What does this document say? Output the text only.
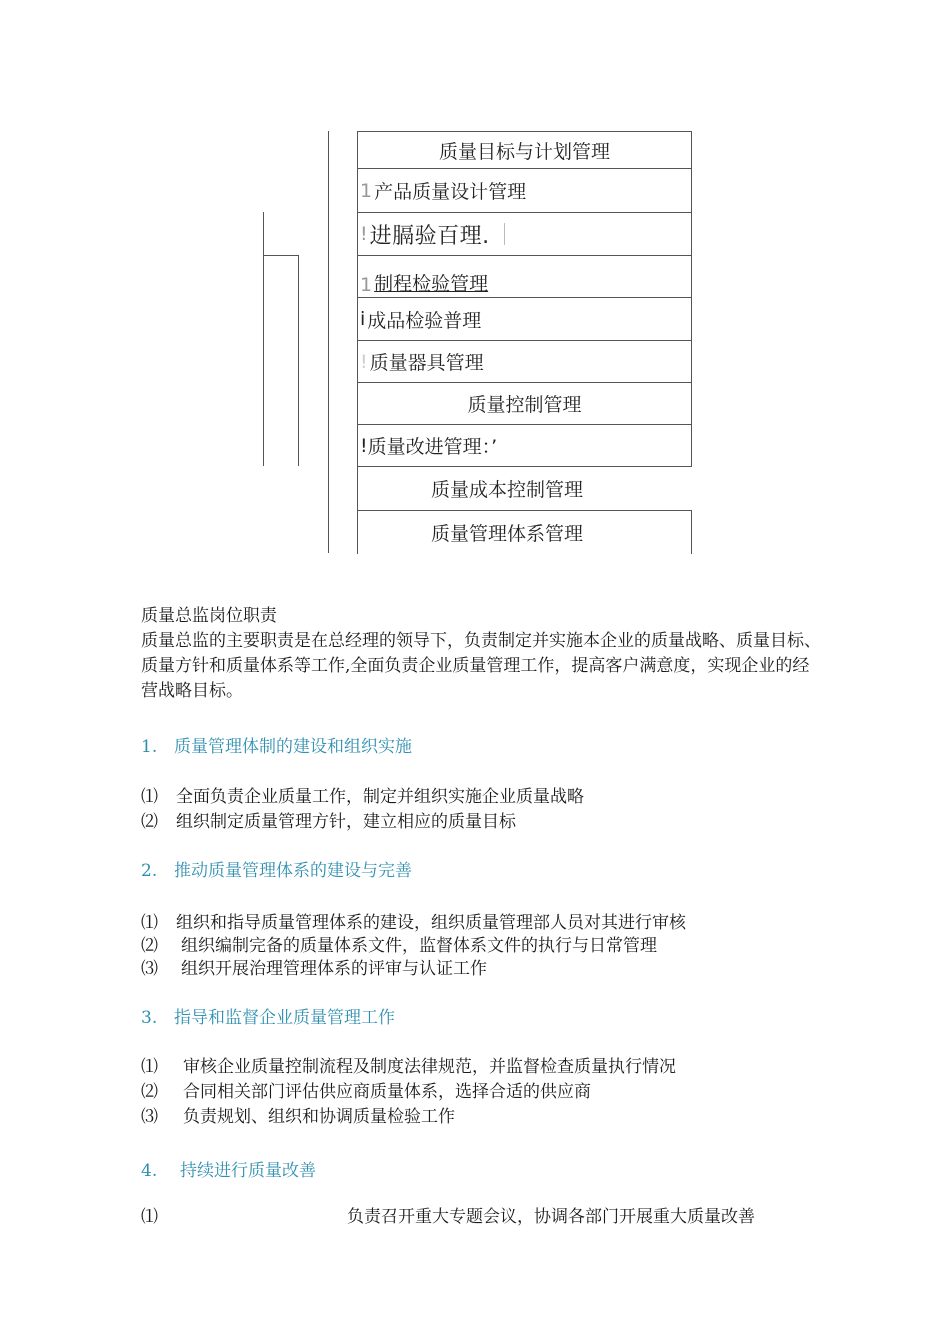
质量目标与计划管理
1 产品质量设计管理
! 进膈验百理.
1 制程检验管理
i 成品检验普理
! 质量器具管理
质量控制管理
! 质量改进管理：’
质量成本控制管理
质量管理体系管理
质量总监岗位职责
质量总监的主要职责是在总经理的领导下，负责制定并实施本企业的质量战略、质量目标、质量方针和质量体系等工作,全面负责企业质量管理工作，提高客户满意度，实现企业的经营战略目标。
1. 质量管理体制的建设和组织实施
⑴ 全面负责企业质量工作，制定并组织实施企业质量战略
⑵ 组织制定质量管理方针，建立相应的质量目标
2. 推动质量管理体系的建设与完善
⑴ 组织和指导质量管理体系的建设，组织质量管理部人员对其进行审核
⑵ 组织编制完备的质量体系文件，监督体系文件的执行与日常管理
⑶ 组织开展治理管理体系的评审与认证工作
3. 指导和监督企业质量管理工作
⑴ 审核企业质量控制流程及制度法律规范，并监督检查质量执行情况
⑵ 合同相关部门评估供应商质量体系，选择合适的供应商
⑶ 负责规划、组织和协调质量检验工作
4. 持续进行质量改善
⑴	负责召开重大专题会议，协调各部门开展重大质量改善
